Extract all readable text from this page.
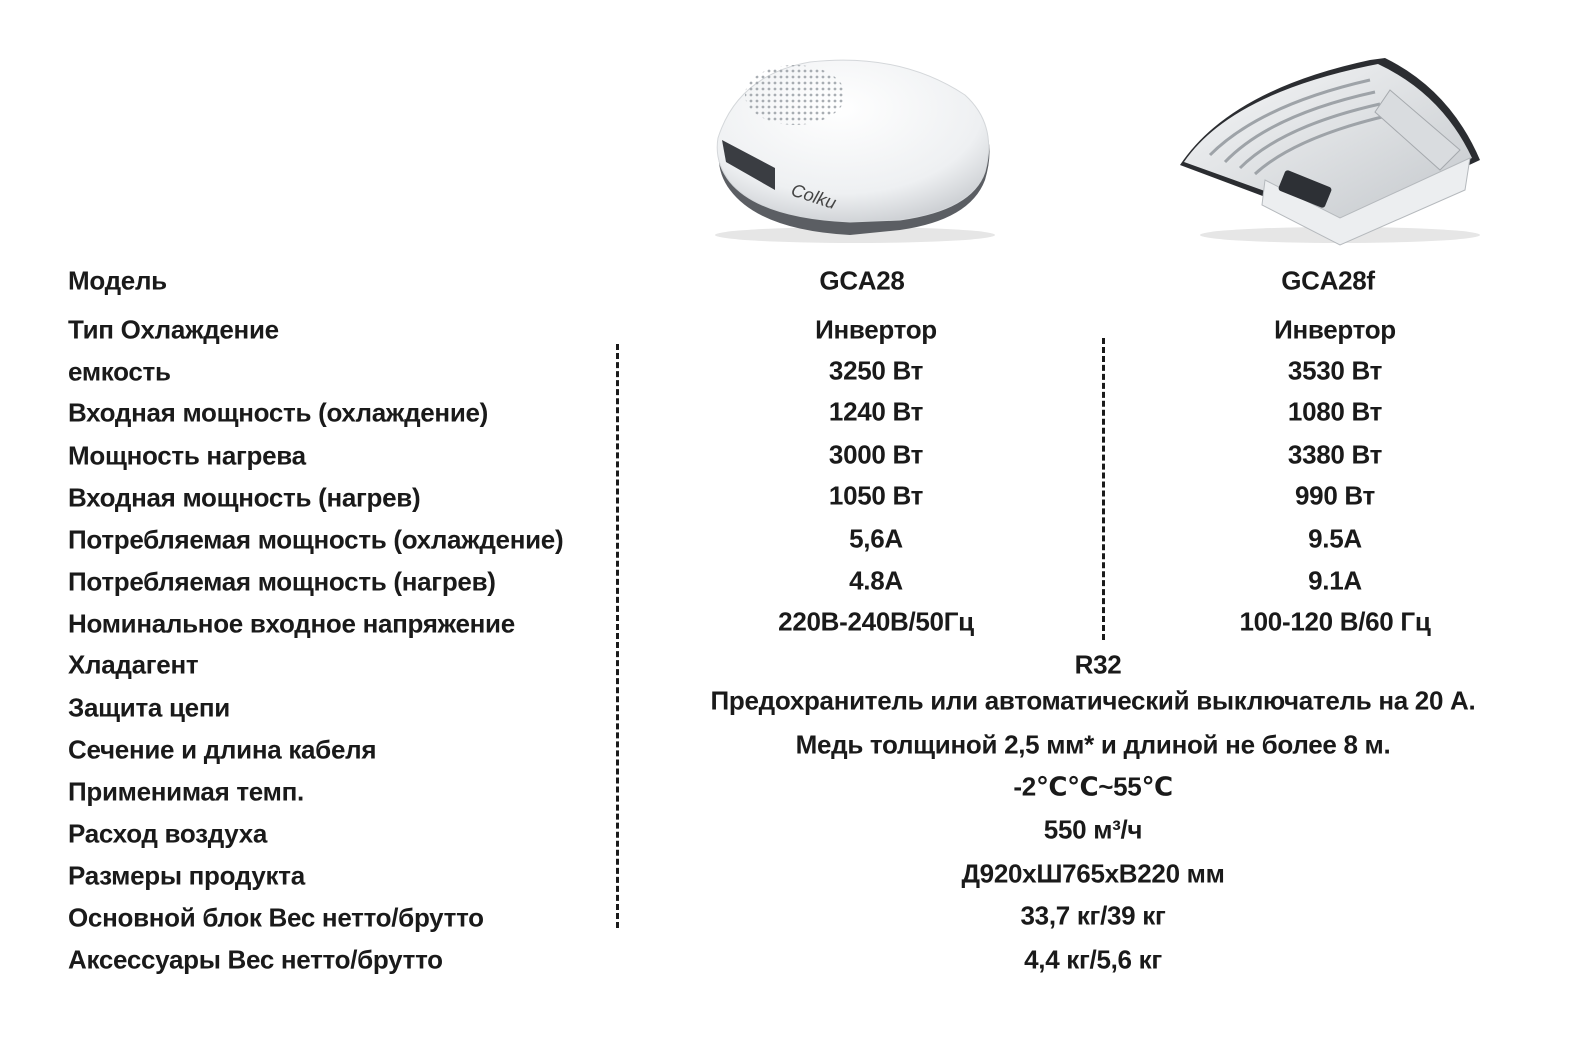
Colku
Модель	GCA28	GCA28f
Тип Охлаждение	Инвертор	Инвертор
емкость	3250 Вт	3530 Вт
Входная мощность (охлаждение)	1240 Вт	1080 Вт
Мощность нагрева	3000 Вт	3380 Вт
Входная мощность (нагрев)	1050 Вт	990 Вт
Потребляемая мощность (охлаждение)	5,6А	9.5A
Потребляемая мощность (нагрев)	4.8A	9.1A
Номинальное входное напряжение	220В-240В/50Гц	100-120 В/60 Гц
Хладагент	R32
Защита цепи	Предохранитель или автоматический выключатель на 20 А.
Сечение и длина кабеля	Медь толщиной 2,5 мм* и длиной не более 8 м.
Применимая темп.	-2℃℃~55℃
Расход воздуха	550 м³/ч
Размеры продукта	Д920хШ765хВ220 мм
Основной блок Вес нетто/брутто	33,7 кг/39 кг
Аксессуары Вес нетто/брутто	4,4 кг/5,6 кг
